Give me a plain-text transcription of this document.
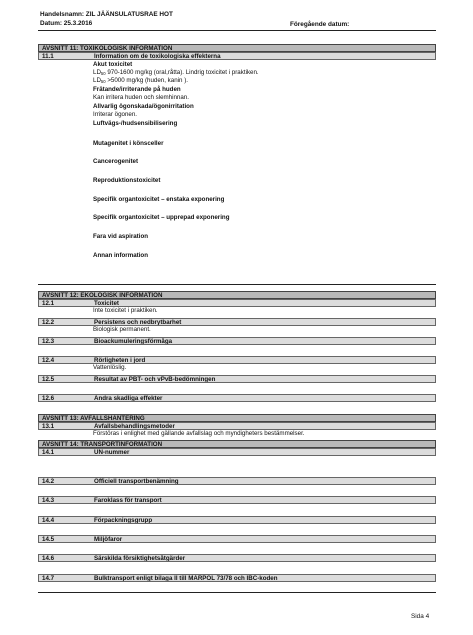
Handelsnamn: ZIL JÄÄNSULATUSRAE HOT
Datum: 25.3.2016	Föregående datum:
AVSNITT 11: TOXIKOLOGISK INFORMATION
11.1	Information om de toxikologiska effekterna
Akut toxicitet
LD50 970-1600 mg/kg (oral,råtta). Lindrig toxicitet i praktiken.
LD50 >5000 mg/kg (huden, kanin ).
Frätande/irriterande på huden
Kan irritera huden och slemhinnan.
Allvarlig ögonskada/ögonirritation
Irriterar ögonen.
Luftvägs-/hudsensibilisering
Mutagenitet i könsceller
Cancerogenitet
Reproduktionstoxicitet
Specifik organtoxicitet – enstaka exponering
Specifik organtoxicitet – upprepad exponering
Fara vid aspiration
Annan information
AVSNITT 12: EKOLOGISK INFORMATION
12.1	Toxicitet
Inte toxicitet i praktiken.
12.2	Persistens och nedbrytbarhet
Biologisk permanent.
12.3	Bioackumuleringsförmåga
12.4	Rörligheten i jord
Vattenlöslig.
12.5	Resultat av PBT- och vPvB-bedömningen
12.6	Andra skadliga effekter
AVSNITT 13: AVFALLSHANTERING
13.1	Avfallsbehandlingsmetoder
Förstöras i enlighet med gällande avfallslag och myndigheters bestämmelser.
AVSNITT 14: TRANSPORTINFORMATION
14.1	UN-nummer
14.2	Officiell transportbenämning
14.3	Faroklass för transport
14.4	Förpackningsgrupp
14.5	Miljöfaror
14.6	Särskilda försiktighetsåtgärder
14.7	Bulktransport enligt bilaga II till MARPOL 73/78 och IBC-koden
Sida 4
